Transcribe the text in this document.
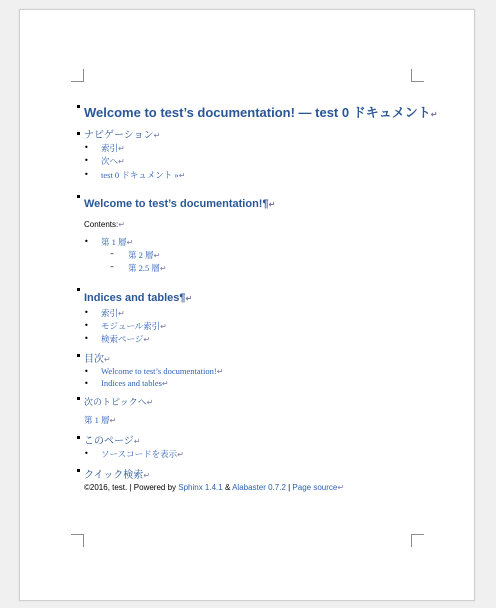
Welcome to test’s documentation! — test 0 ドキュメント↵
ナビゲーション↵
• 索引↵
• 次へ↵
• test 0 ドキュメント »↵
Welcome to test’s documentation!¶↵
Contents:↵
• 第 1 層↵
– 第 2 層↵
– 第 2.5 層↵
Indices and tables¶↵
• 索引↵
• モジュール索引↵
• 検索ページ↵
目次↵
• Welcome to test’s documentation!↵
• Indices and tables↵
次のトピックへ↵
第 1 層↵
このページ↵
• ソースコードを表示↵
クイック検索↵
©2016, test. | Powered by Sphinx 1.4.1 & Alabaster 0.7.2 | Page source↵
